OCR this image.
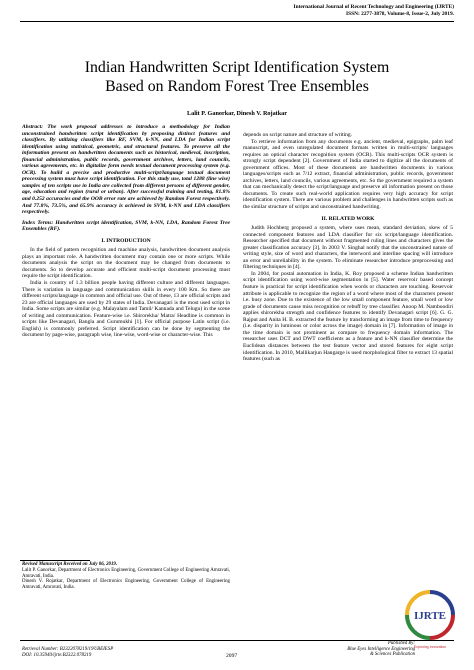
International Journal of Recent Technology and Engineering (IJRTE)
ISSN: 2277-3878, Volume-8, Issue-2, July 2019.
Indian Handwritten Script Identification System
Based on Random Forest Tree Ensembles
Lalit P. Ganorkar, Dinesh V. Rojatkar
Abstract: The work proposal addresses to introduce a methodology for Indian unconstrained handwritten script identification by proposing distinct features and classifiers. By utilizing classifiers like RF, SVM, k-NN, and LDA for Indian script identification using statistical, geometric, and structural features. To preserve all the information present on handwritten documents such as historical, medieval, inscription, financial administration, public records, government archives, letters, land councils, various agreements, etc. in digitalize form needs textual document processing system (e.g. OCR). To build a precise and productive multi-script/language textual document processing system must have script identification. For this study use, total 1288 (line wise) samples of ten scripts use in India are collected from different persons of different gender, age, education and region (rural or urban). After successful training and testing, 81.8% and 0.252 accuracies and the OOB error rate are achieved by Random Forest respectively. And 77.8%, 73.5%, and 65.9% accuracy is achieved in SVM, k-NN and LDA classifiers respectively.
Index Terms: Handwritten script identification, SVM, k-NN, LDA, Random Forest Tree Ensembles (RF).
I. INTRODUCTION

In the field of pattern recognition and machine analysis, handwritten document analysis plays an important role. A handwritten document may contain one or more scripts. While documents analysis the script on the document may be changed from documents to documents. So to develop accurate and efficient multi-script document processing must require the script identification.

India is country of 1.3 billion people having different culture and different languages. There is variation in language and communication skills in every 100 Km. So there are different scripts/language in common and official use. Out of these, 13 are official scripts and 23 are official languages are used by 29 states of India. Devanagari is the most used script in India. Some scripts are similar (e.g. Malayalam and Tamil/ Kannada and Telugu) in the scene of writing and communication. Feature-wise i.e. Shirorekha/ Matra/ Headline is common in scripts like Devanagari, Bangla and Gurumukhi [1]. For official purpose Latin script (i.e. English) is commonly preferred. Script identification can be done by segmenting the document by page-wise, paragraph wise, line-wise, word-wise or character-wise. This

Revised Manuscript Received on July 06, 2019.
Lalit P. Ganorkar, Department of Electronics Engineering, Government College of Engineering Amravati, Amravati, India.
Dinesh V. Rojatkar, Department of Electronics Engineering, Government College of Engineering Amravati, Amravati, India.
depends on script nature and structure of writing.

To retrieve information from any documents e.g. ancient, medieval, epigraphs, palm leaf manuscript, and even unregulated document formats written in multi-scripts/ languages requires an optical character recognition system (OCR). This multi-scripts OCR system is strongly script dependent [2]. Government of India started to digitize all the documents of government offices. Most of these documents are handwritten documents in various languages/scripts such as 7/12 extract, financial administration, public records, government archives, letters, land councils, various agreements, etc. So the government required a system that can mechanically detect the script/language and preserve all information present on those documents. To create such real-world application requires very high accuracy for script identification system. There are various problem and challenges in handwritten scripts such as the similar structure of scripts and unconstrained handwriting.

II. RELATED WORK

Judith Hochberg proposed a system, where uses mean, standard deviation, skew of 5 connected component features and LDA classifier for six script/language identification. Researcher specified that document without fragmented ruling lines and characters gives the greater classification accuracy [3]. In 2003 V. Singhal notify that the unconstrained nature of writing style, size of word and characters, the interword and interline spacing will introduce an error and unreliability in the system. To eliminate researcher introduce preprocessing and filtering techniques in [4].

In 2004, for postal automation in India, K. Roy proposed a scheme Indian handwritten script identification using word-wise segmentation in [5]. Water reservoir based concept feature is practical for script identification when words or characters are touching. Reservoir attribute is applicable to recognize the region of a word where most of the characters present i.e. busy zone. Due to the existence of the low small component feature, small word or low grade of documents cause miss recognition or rebuff by tree classifier. Anoop M. Namboodiri applies shirorekha strength and confidence features to identify Devanagari script [6]. G. G. Rajput and Anita H. B. extracted the feature by transforming an image from time to frequency (i.e. disparity in luminous or color across the image) domain in [7]. Information of image in the time domain is not prominent as compare to frequency domain information. The researcher uses DCT and DWT coefficients as a feature and k-NN classifier determine the Euclidean distances between the test feature vector and stored features for eight script identification. In 2010, Mallikarjun Hangarge is used morphological filter to extract 13 spatial features (such as

Retrieval Number: B2322078219/19©BEIESP
DOI: 10.35940/ijrte.B2322.078219	2097
Published By:
Blue Eyes Intelligence Engineering
& Sciences Publication
IJRTE
Exploring Innovation
